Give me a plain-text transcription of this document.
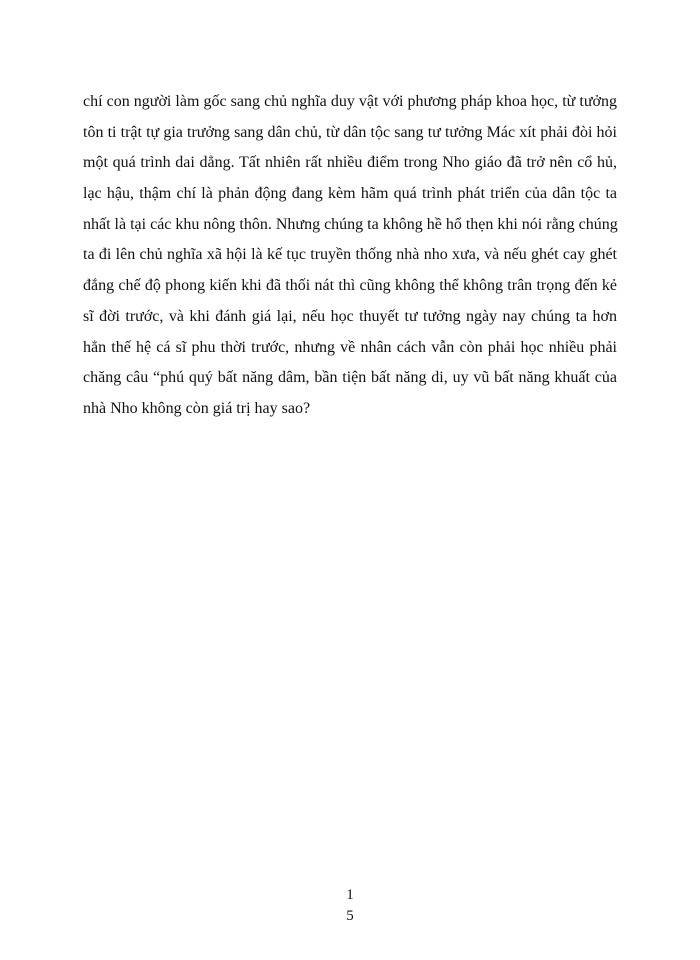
chí con người làm gốc sang chủ nghĩa duy vật với phương pháp khoa học, từ tưởng
tôn ti trật tự gia trưởng sang dân chủ, từ dân tộc sang tư tưởng Mác xít phải đòi hỏi
một quá trình dai dẳng. Tất nhiên rất nhiều điểm trong Nho giáo đã trở nên cổ hủ,
lạc hậu, thậm chí là phản động đang kèm hãm quá trình phát triển của dân tộc ta
nhất là tại các khu nông thôn. Nhưng chúng ta không hề hổ thẹn khi nói rằng chúng
ta đi lên chủ nghĩa xã hội là kế tục truyền thống nhà nho xưa, và nếu ghét cay ghét
đắng chế độ phong kiến khi đã thối nát thì cũng không thể không trân trọng đến kẻ
sĩ đời trước, và khi đánh giá lại, nếu học thuyết tư tưởng ngày nay chúng ta hơn
hẳn thế hệ cá sĩ phu thời trước, nhưng về nhân cách vẫn còn phải học nhiều phải
chăng câu “phú quý bất năng dâm, bần tiện bất năng di, uy vũ bất năng khuất của
nhà Nho không còn giá trị hay sao?
1
5
